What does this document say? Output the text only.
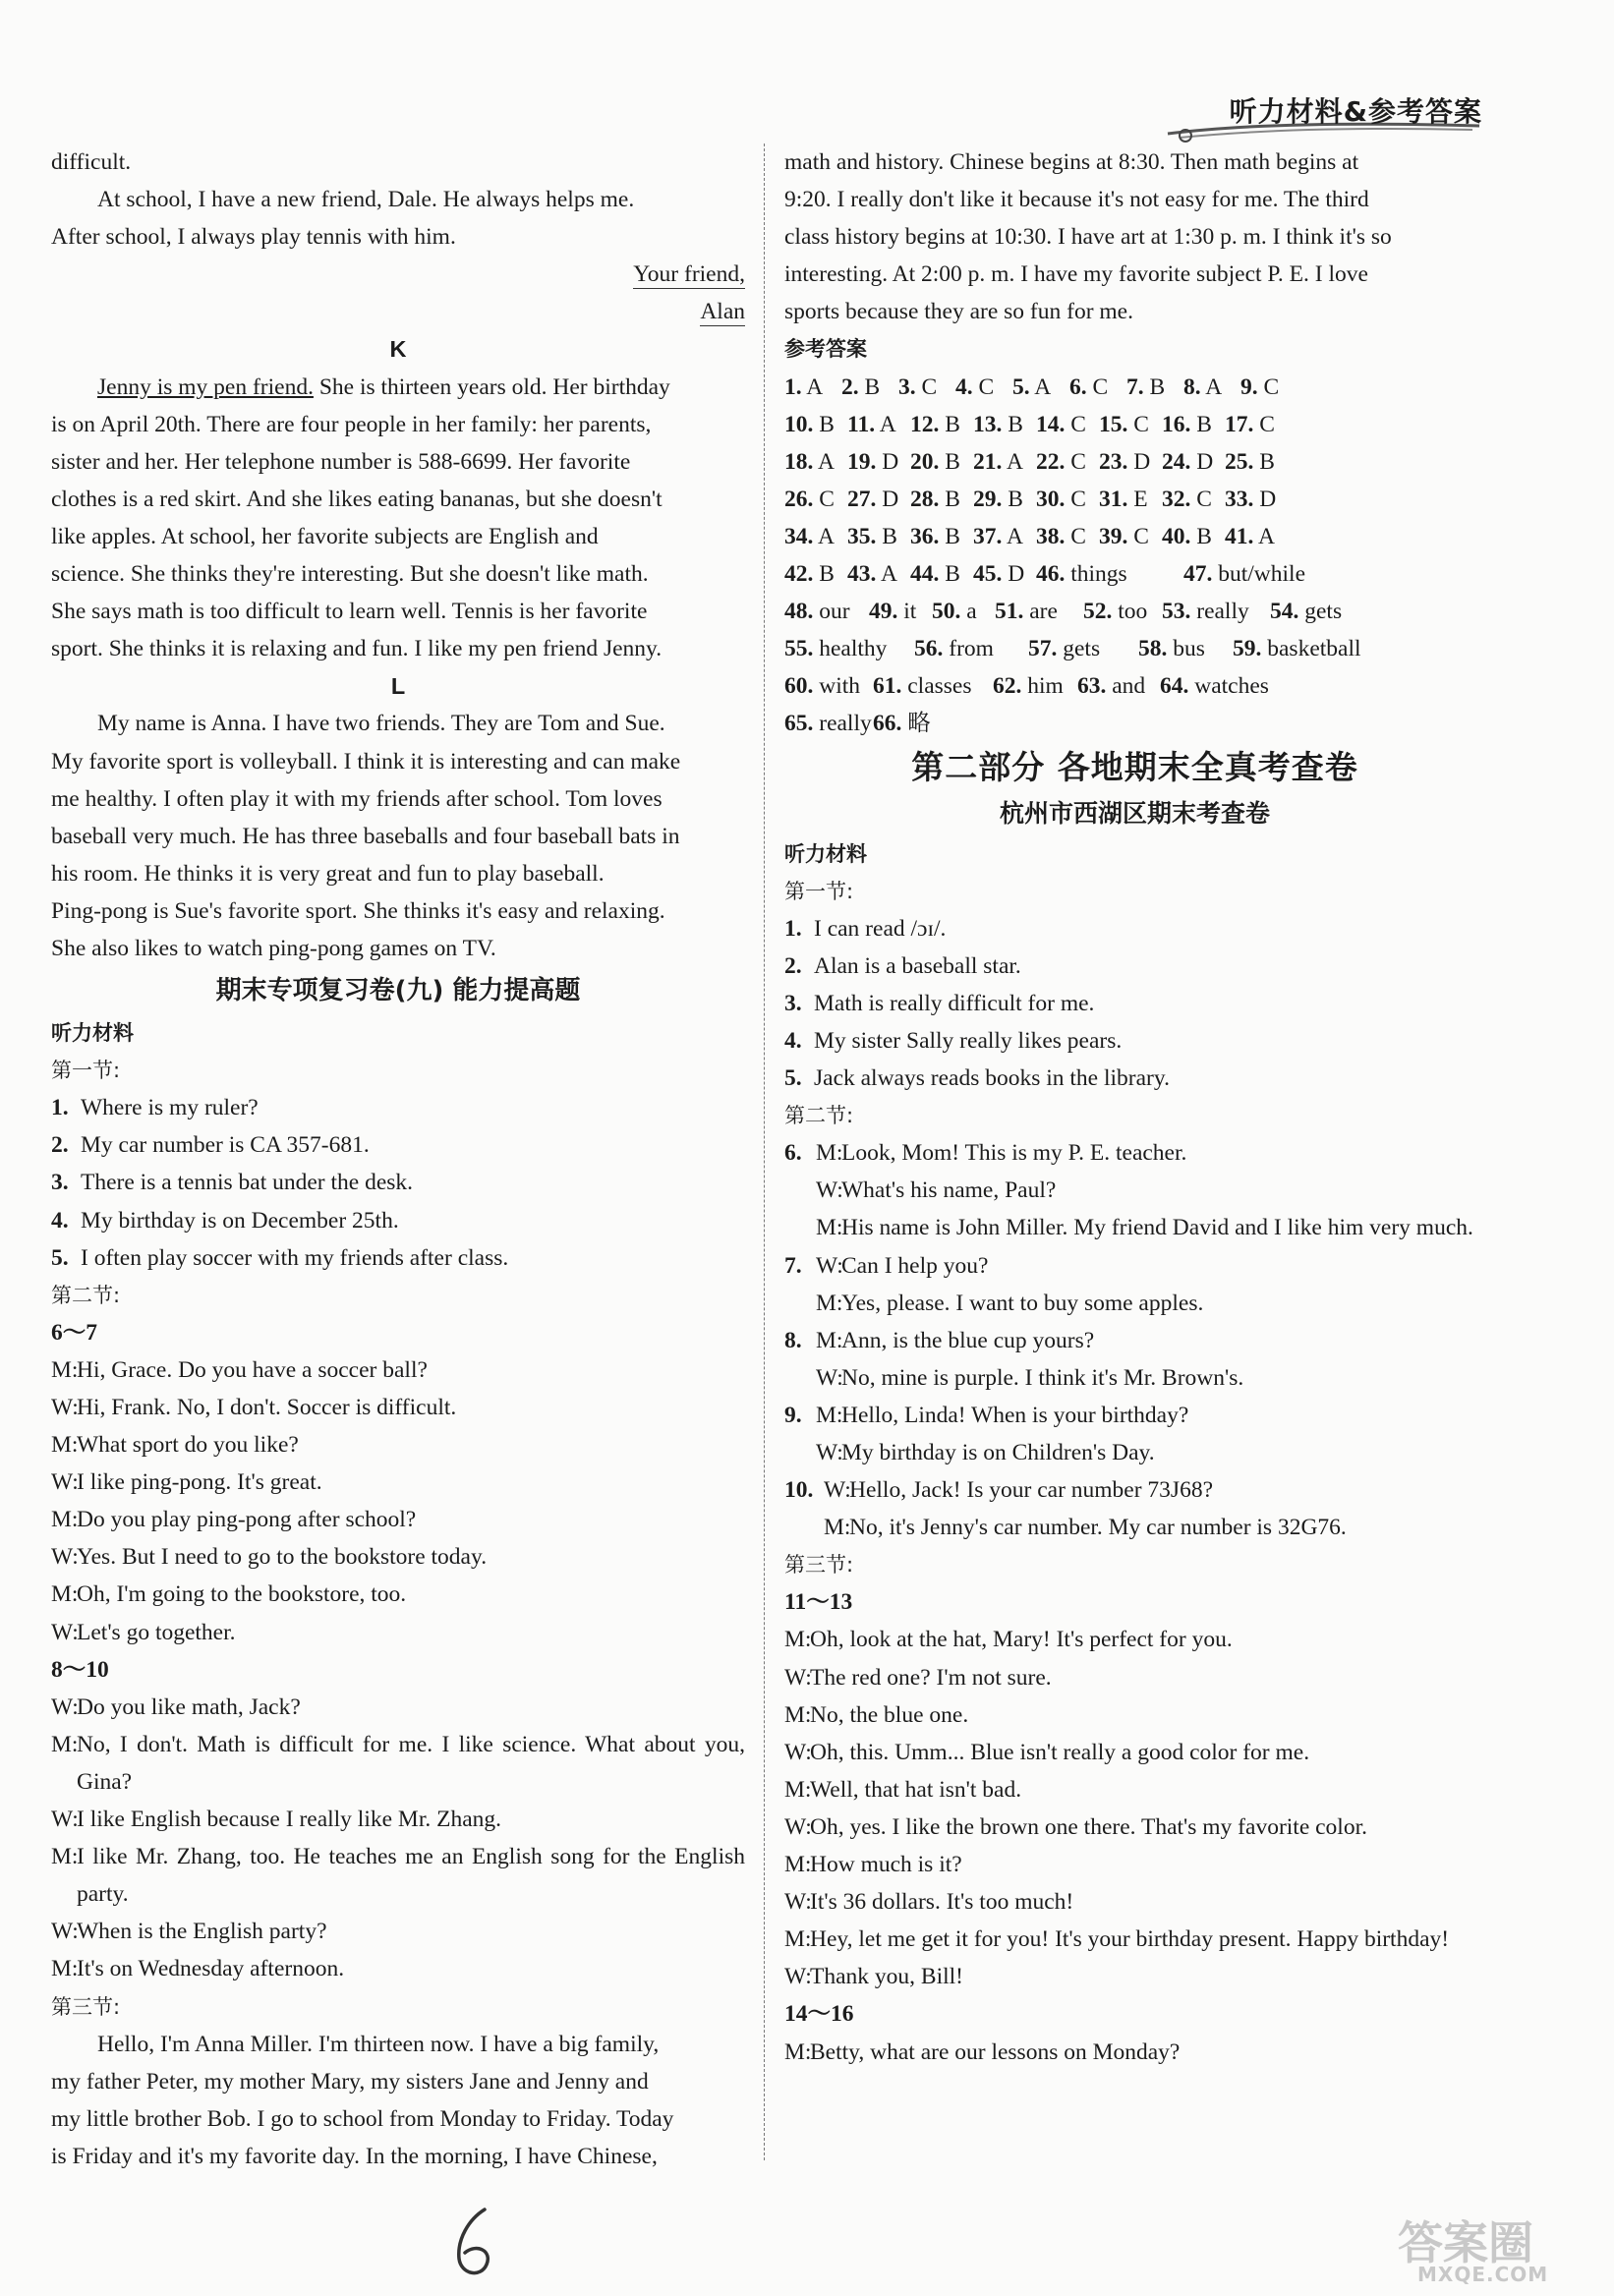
听力材料&参考答案
difficult.
At school, I have a new friend, Dale. He always helps me.
After school, I always play tennis with him.
Your friend,
Alan
K
Jenny is my pen friend. She is thirteen years old. Her birthday
is on April 20th. There are four people in her family: her parents,
sister and her. Her telephone number is 588-6699. Her favorite
clothes is a red skirt. And she likes eating bananas, but she doesn't
like apples. At school, her favorite subjects are English and
science. She thinks they're interesting. But she doesn't like math.
She says math is too difficult to learn well. Tennis is her favorite
sport. She thinks it is relaxing and fun. I like my pen friend Jenny.
L
My name is Anna. I have two friends. They are Tom and Sue.
My favorite sport is volleyball. I think it is interesting and can make
me healthy. I often play it with my friends after school. Tom loves
baseball very much. He has three baseballs and four baseball bats in
his room. He thinks it is very great and fun to play baseball.
Ping-pong is Sue's favorite sport. She thinks it's easy and relaxing.
She also likes to watch ping-pong games on TV.
期末专项复习卷(九) 能力提高题
听力材料
第一节:
1. Where is my ruler?
2. My car number is CA 357-681.
3. There is a tennis bat under the desk.
4. My birthday is on December 25th.
5. I often play soccer with my friends after class.
第二节:
6～7
M:
Hi, Grace. Do you have a soccer ball?
W:
Hi, Frank. No, I don't. Soccer is difficult.
M:
What sport do you like?
W:
I like ping-pong. It's great.
M:
Do you play ping-pong after school?
W:
Yes. But I need to go to the bookstore today.
M:
Oh, I'm going to the bookstore, too.
W:
Let's go together.
8～10
W:
Do you like math, Jack?
M:
No, I don't. Math is difficult for me. I like science. What about you, Gina?
W:
I like English because I really like Mr. Zhang.
M:
I like Mr. Zhang, too. He teaches me an English song for the English party.
W:
When is the English party?
M:
It's on Wednesday afternoon.
第三节:
Hello, I'm Anna Miller. I'm thirteen now. I have a big family,
my father Peter, my mother Mary, my sisters Jane and Jenny and
my little brother Bob. I go to school from Monday to Friday. Today
is Friday and it's my favorite day. In the morning, I have Chinese,
math and history. Chinese begins at 8:30. Then math begins at
9:20. I really don't like it because it's not easy for me. The third
class history begins at 10:30. I have art at 1:30 p. m. I think it's so
interesting. At 2:00 p. m. I have my favorite subject P. E. I love
sports because they are so fun for me.
参考答案
1. A 2. B 3. C 4. C 5. A 6. C 7. B 8. A 9. C
10. B 11. A 12. B 13. B 14. C 15. C 16. B 17. C
18. A 19. D 20. B 21. A 22. C 23. D 24. D 25. B
26. C 27. D 28. B 29. B 30. C 31. E 32. C 33. D
34. A 35. B 36. B 37. A 38. C 39. C 40. B 41. A
42. B 43. A 44. B 45. D 46. things	47. but/while
48. our 49. it 50. a 51. are	52. too 53. really 54. gets
55. healthy	56. from	57. gets	58. bus	59. basketball
60. with 61. classes 62. him 63. and 64. watches
65. really 66. 略
第二部分 各地期末全真考查卷
杭州市西湖区期末考查卷
听力材料
第一节:
1. I can read /ɔɪ/.
2. Alan is a baseball star.
3. Math is really difficult for me.
4. My sister Sally really likes pears.
5. Jack always reads books in the library.
第二节:
6. M:
Look, Mom! This is my P. E. teacher.
W:
What's his name, Paul?
M:
His name is John Miller. My friend David and I like him very much.
7. W:
Can I help you?
M:
Yes, please. I want to buy some apples.
8. M:
Ann, is the blue cup yours?
W:
No, mine is purple. I think it's Mr. Brown's.
9. M:
Hello, Linda! When is your birthday?
W:
My birthday is on Children's Day.
10. W:
Hello, Jack! Is your car number 73J68?
M:
No, it's Jenny's car number. My car number is 32G76.
第三节:
11～13
M:
Oh, look at the hat, Mary! It's perfect for you.
W:
The red one? I'm not sure.
M:
No, the blue one.
W:
Oh, this. Umm... Blue isn't really a good color for me.
M:
Well, that hat isn't bad.
W:
Oh, yes. I like the brown one there. That's my favorite color.
M:
How much is it?
W:
It's 36 dollars. It's too much!
M:
Hey, let me get it for you! It's your birthday present. Happy birthday!
W:
Thank you, Bill!
14～16
M:
Betty, what are our lessons on Monday?
答案圈
MXQE.COM
